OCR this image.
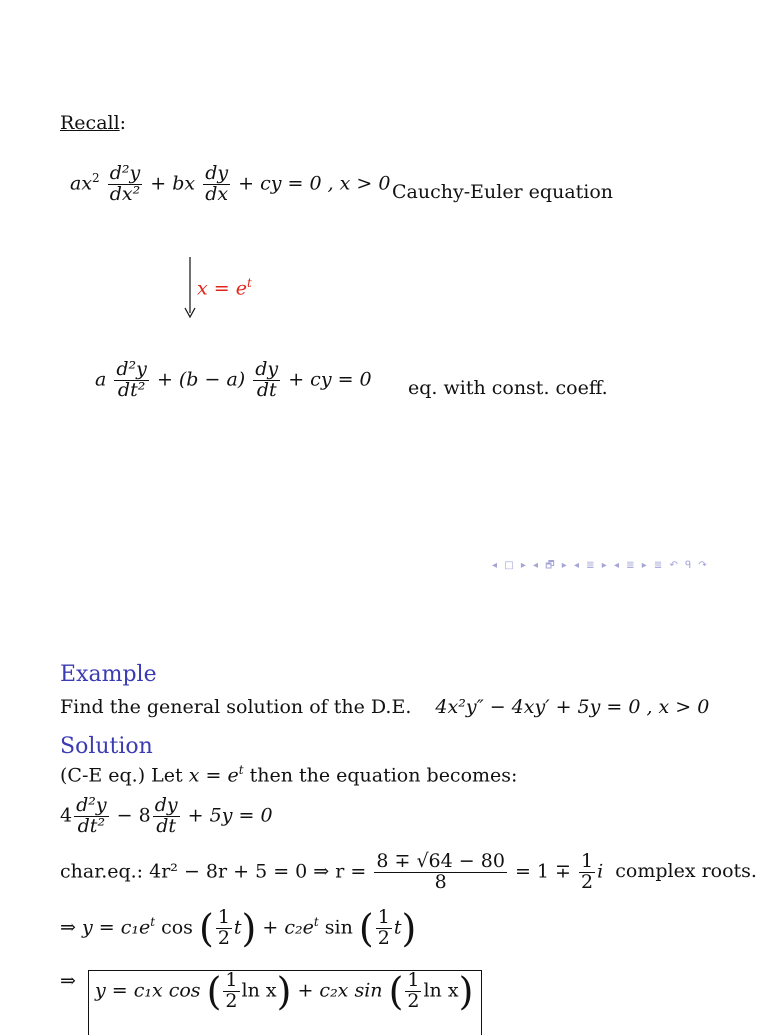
Recall:
$ax^2 \frac{\text{d²y}}{\text{dx²}}$ + bx $\frac{dy}{dx}$ + cy = 0 , x > 0 Cauchy-Euler equation
$x = e^t$
a $\frac{\text{d²y}}{\text{dt²}} + (b - a) \frac{dy}{dt}$ + cy = 0 eq. with const. coeff.
◂ □ ▸ ◂ 🗗 ▸ ◂ ≣ ▸ ◂ ≣ ▸ ≣ ↶ ᑫ ↷
Example
Find the general solution of the D.E. 4x²y″ − 4xy′ + 5y = 0 , x > 0
Solution
(C-E eq.) Let $x = e^t$ then the equation becomes:
$4 \frac{\text{d²y}}{\text{dt²}} - 8 \frac{dy}{dt} + 5y = 0$
char.eq.: 4r² − 8r + 5 = 0 ⇒ $r = \frac{8 \mp √64 - 80}{8} = 1 \mp \frac{1}{2}$ i complex roots.
⇒ $y = c_1e^t$ cos ( $\frac{1}{2} t) + c_2e^t$ sin ( $\frac{1}{2} t$)
⇒ y = c₁x cos ( $\frac{1}{2}$ ln x) + c₂x sin ( $\frac{1}{2}$ ln x)
